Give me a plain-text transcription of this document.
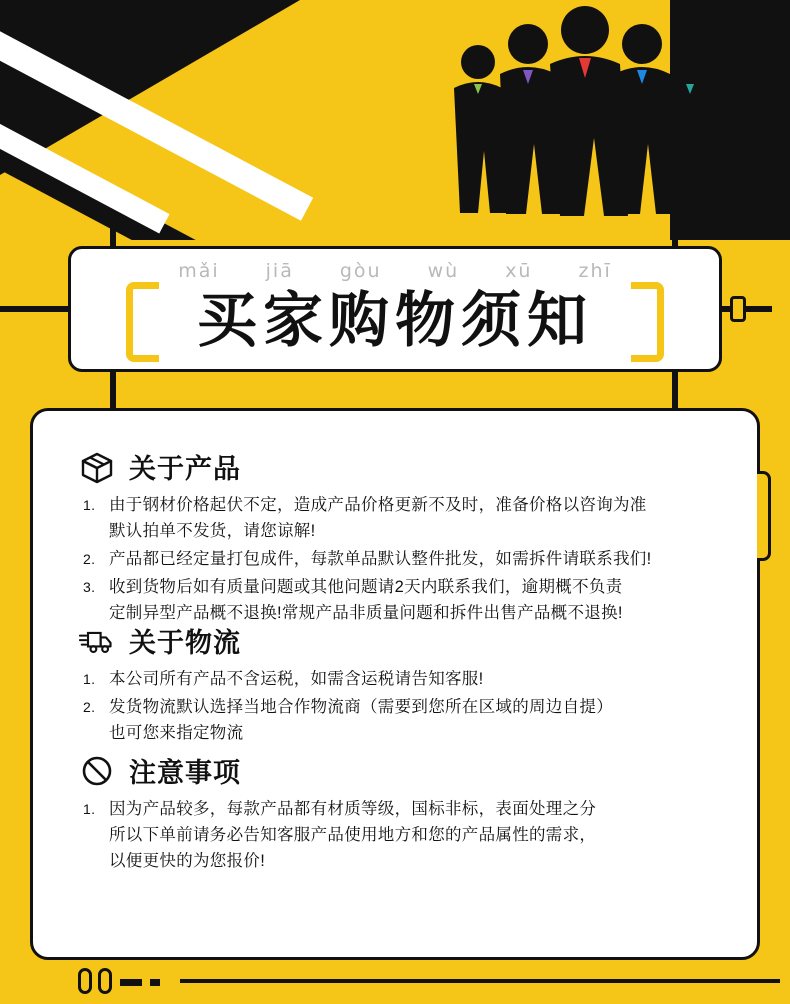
mǎi jiā gòu wù xū zhī
买家购物须知
关于产品
由于钢材价格起伏不定，造成产品价格更新不及时，准备价格以咨询为准
默认拍单不发货，请您谅解!
产品都已经定量打包成件，每款单品默认整件批发，如需拆件请联系我们!
收到货物后如有质量问题或其他问题请2天内联系我们，逾期概不负责
定制异型产品概不退换!常规产品非质量问题和拆件出售产品概不退换!
关于物流
本公司所有产品不含运税，如需含运税请告知客服!
发货物流默认选择当地合作物流商（需要到您所在区域的周边自提）
也可您来指定物流
注意事项
因为产品较多，每款产品都有材质等级，国标非标，表面处理之分
所以下单前请务必告知客服产品使用地方和您的产品属性的需求，
以便更快的为您报价!
